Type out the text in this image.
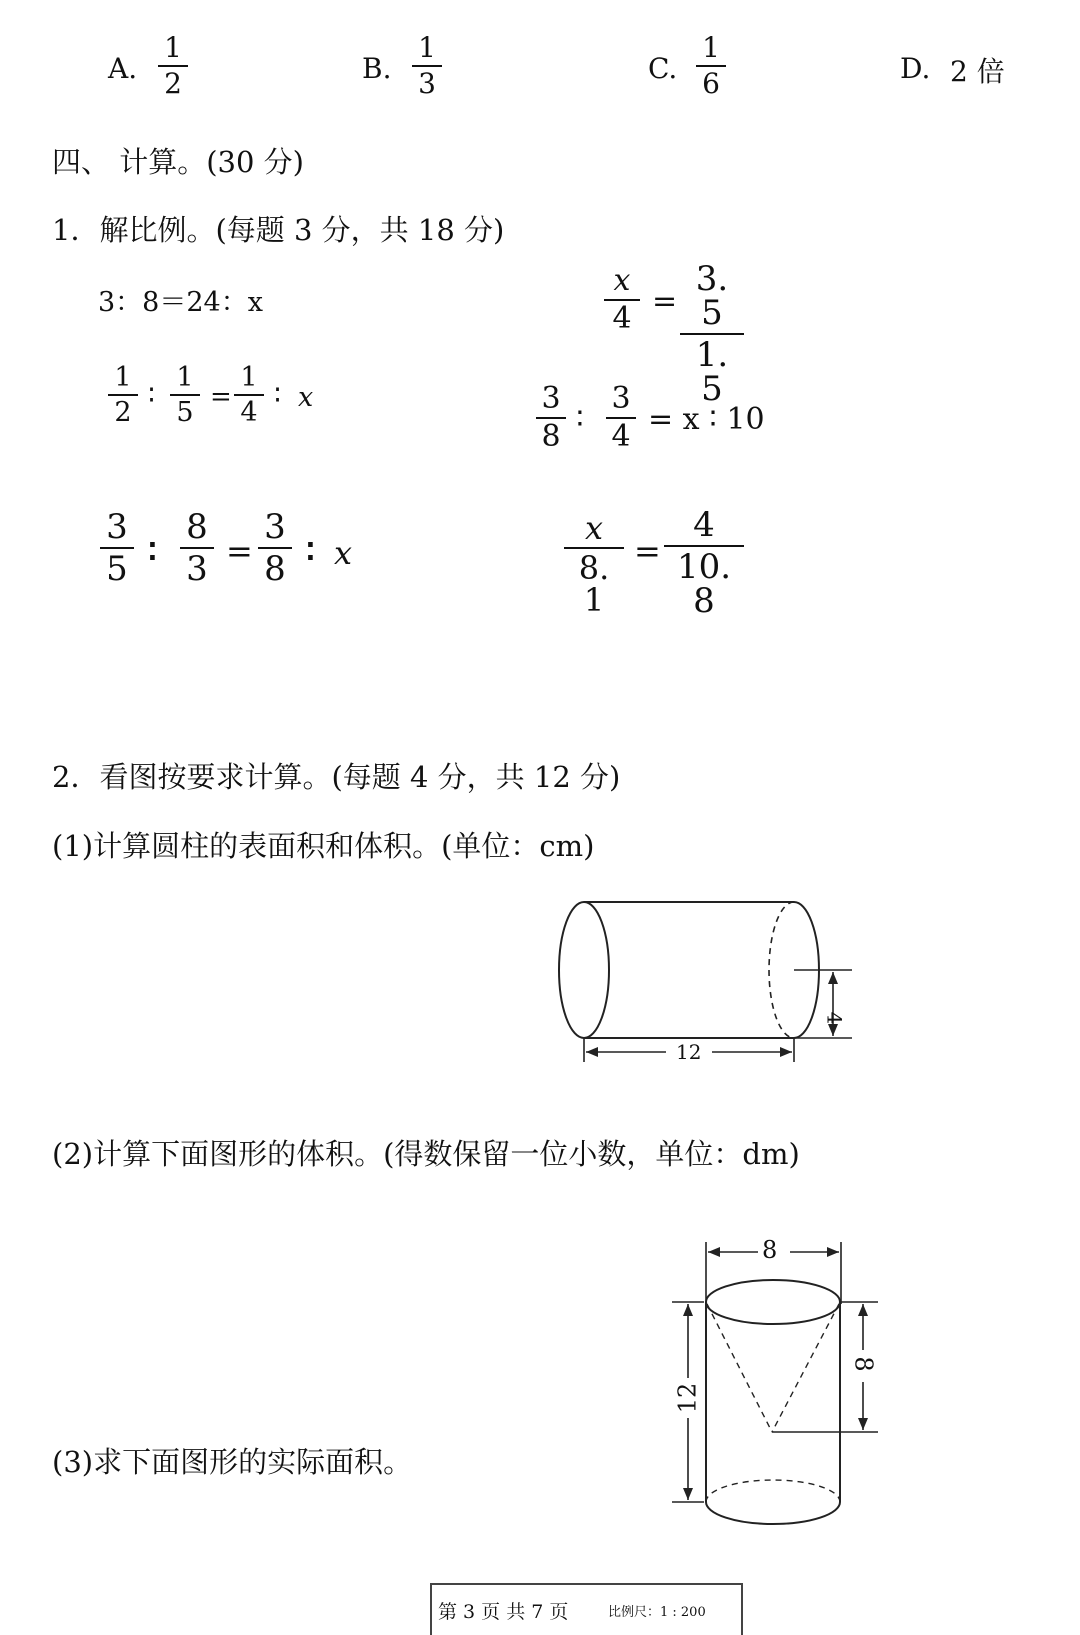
A.
1
2	B.
1
3	C.
1
6	D. 2 倍
四、 计算。(30 分)
1．解比例。(每题 3 分，共 18 分)
3：8＝24：x
x
4 =
3. 5
1. 5
1
2
∶
1
5 =
1
4
∶ x	3
8 ∶
3
4 = x ∶ 10
3
5 ∶
8
3 =
3
8 ∶ x
x
8. 1
=
4
10. 8
2．看图按要求计算。(每题 4 分，共 12 分)
(1)计算圆柱的表面积和体积。(单位：cm)
12
4
(2)计算下面图形的体积。(得数保留一位小数，单位：dm)
8
12
8
(3)求下面图形的实际面积。
第 3 页 共 7 页	比例尺：1 : 200
